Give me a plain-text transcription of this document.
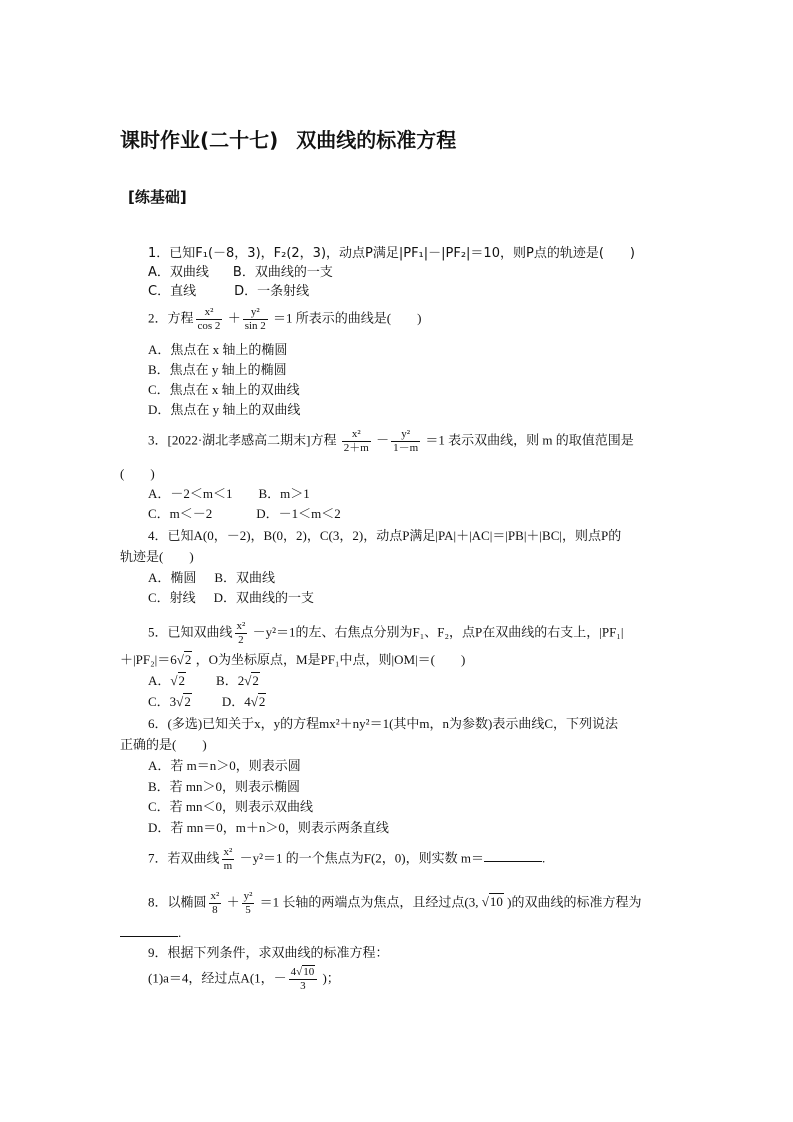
课时作业(二十七) 双曲线的标准方程
[练基础]
1．已知F₁(－8，3)，F₂(2，3)，动点P满足|PF₁|－|PF₂|＝10，则P点的轨迹是(　　)
A．双曲线 B．双曲线的一支
C．直线	D．一条射线
2．方程 $\frac{\text{x²}}{\cos 2} + \frac{\text{y²}}{\sin 2} =1$ 所表示的曲线是(　　)
A．焦点在 x 轴上的椭圆
B．焦点在 y 轴上的椭圆
C．焦点在 x 轴上的双曲线
D．焦点在 y 轴上的双曲线
3．[2022·湖北孝感高二期末]方程 $\frac{\text{x²}}{2+m} - \frac{\text{y²}}{1-m} =1$ 表示双曲线，则 m 的取值范围是
(　　)
A．－2＜m＜1 B．m＞1
C．m＜－2	D．－1＜m＜2
4．已知A(0，－2)，B(0，2)，C(3，2)，动点P满足|PA|＋|AC|＝|PB|＋|BC|，则点P的
轨迹是(　　)
A．椭圆 B．双曲线
C．射线 D．双曲线的一支
5．已知双曲线 $\frac{\text{x²}}{2} -y^2=1$的左、右焦点分别为F₁、F₂，点P在双曲线的右支上，|PF₁|
＋|PF₂|＝6√2 ，O为坐标原点，M是PF₁中点，则|OM|＝(　　)
A．√2 B．2√2
C．3√2 D．4√2
6．(多选)已知关于x，y的方程mx²＋ny²＝1(其中m，n为参数)表示曲线C，下列说法
正确的是(　　)
A．若 m＝n＞0，则表示圆
B．若 mn＞0，则表示椭圆
C．若 mn＜0，则表示双曲线
D．若 mn＝0，m＋n＞0，则表示两条直线
7．若双曲线 $\frac{\text{x²}}{m} -y^2=1$ 的一个焦点为F(2，0)，则实数 m＝	.
8．以椭圆 $\frac{\text{x²}}{8} + \frac{\text{y²}}{5} =1$ 长轴的两端点为焦点，且经过点(3, √10 )的双曲线的标准方程为
.
9．根据下列条件，求双曲线的标准方程：
(1)a＝4，经过点A(1，－ $\frac{4√10}{3}$ )；
